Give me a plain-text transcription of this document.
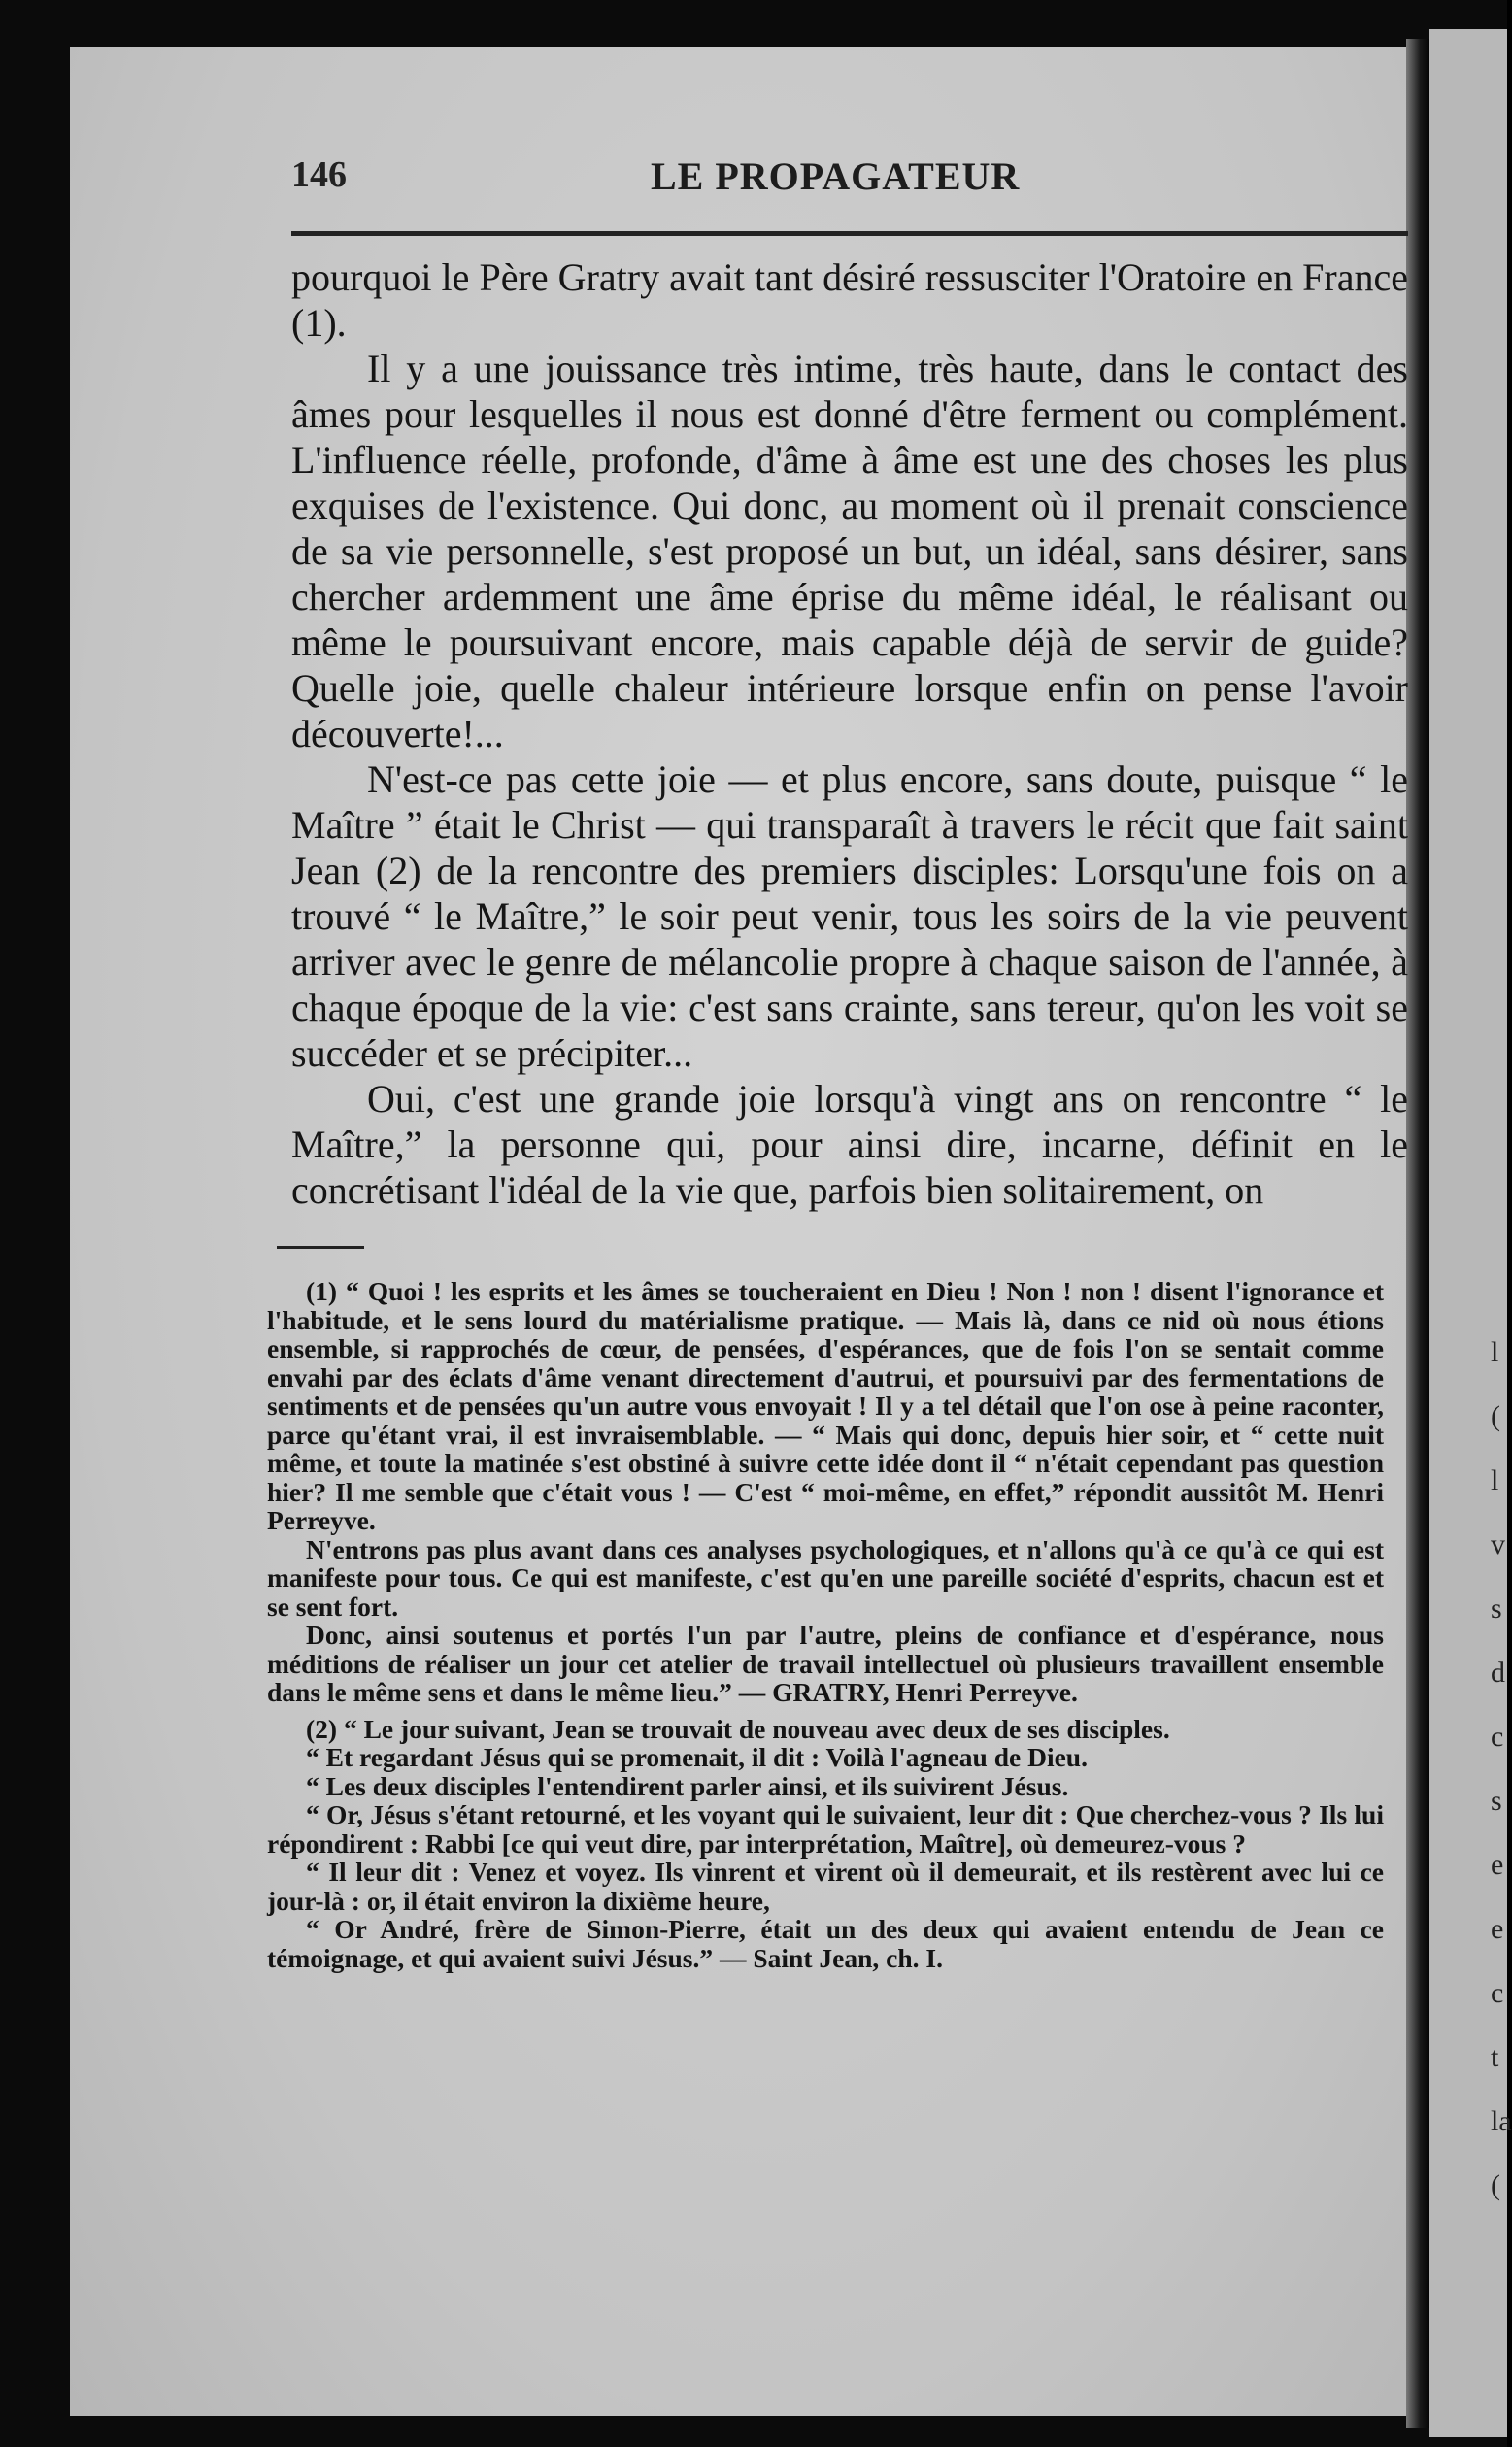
146	LE PROPAGATEUR

pourquoi le Père Gratry avait tant désiré ressusciter l'Oratoire en France (1).

Il y a une jouissance très intime, très haute, dans le contact des âmes pour lesquelles il nous est donné d'être ferment ou complément. L'influence réelle, profonde, d'âme à âme est une des choses les plus exquises de l'existence. Qui donc, au moment où il prenait conscience de sa vie personnelle, s'est proposé un but, un idéal, sans désirer, sans chercher ardemment une âme éprise du même idéal, le réalisant ou même le poursuivant encore, mais capable déjà de servir de guide? Quelle joie, quelle chaleur intérieure lorsque enfin on pense l'avoir découverte!...

N'est-ce pas cette joie — et plus encore, sans doute, puisque “ le Maître ” était le Christ — qui transparaît à travers le récit que fait saint Jean (2) de la rencontre des premiers disciples: Lorsqu'une fois on a trouvé “ le Maître,” le soir peut venir, tous les soirs de la vie peuvent arriver avec le genre de mélancolie propre à chaque saison de l'année, à chaque époque de la vie: c'est sans crainte, sans tereur, qu'on les voit se succéder et se précipiter...

Oui, c'est une grande joie lorsqu'à vingt ans on rencontre “ le Maître,” la personne qui, pour ainsi dire, incarne, définit en le concrétisant l'idéal de la vie que, parfois bien solitairement, on

(1) “ Quoi ! les esprits et les âmes se toucheraient en Dieu ! Non ! non ! disent l'ignorance et l'habitude, et le sens lourd du matérialisme pratique. — Mais là, dans ce nid où nous étions ensemble, si rapprochés de cœur, de pensées, d'espérances, que de fois l'on se sentait comme envahi par des éclats d'âme venant directement d'autrui, et poursuivi par des fermentations de sentiments et de pensées qu'un autre vous envoyait ! Il y a tel détail que l'on ose à peine raconter, parce qu'étant vrai, il est invraisemblable. — “ Mais qui donc, depuis hier soir, et “ cette nuit même, et toute la matinée s'est obstiné à suivre cette idée dont il “ n'était cependant pas question hier? Il me semble que c'était vous ! — C'est “ moi-même, en effet,” répondit aussitôt M. Henri Perreyve.

N'entrons pas plus avant dans ces analyses psychologiques, et n'allons qu'à ce qu'à ce qui est manifeste pour tous. Ce qui est manifeste, c'est qu'en une pareille société d'esprits, chacun est et se sent fort.

Donc, ainsi soutenus et portés l'un par l'autre, pleins de confiance et d'espérance, nous méditions de réaliser un jour cet atelier de travail intellectuel où plusieurs travaillent ensemble dans le même sens et dans le même lieu.” — GRATRY, Henri Perreyve.

(2) “ Le jour suivant, Jean se trouvait de nouveau avec deux de ses disciples.

“ Et regardant Jésus qui se promenait, il dit : Voilà l'agneau de Dieu.

“ Les deux disciples l'entendirent parler ainsi, et ils suivirent Jésus.

“ Or, Jésus s'étant retourné, et les voyant qui le suivaient, leur dit : Que cherchez-vous ? Ils lui répondirent : Rabbi [ce qui veut dire, par interprétation, Maître], où demeurez-vous ?

“ Il leur dit : Venez et voyez. Ils vinrent et virent où il demeurait, et ils restèrent avec lui ce jour-là : or, il était environ la dixième heure,

“ Or André, frère de Simon-Pierre, était un des deux qui avaient entendu de Jean ce témoignage, et qui avaient suivi Jésus.” — Saint Jean, ch. I.

l
(
l
v
s
d
c
s
e
e
c
t
la
(
